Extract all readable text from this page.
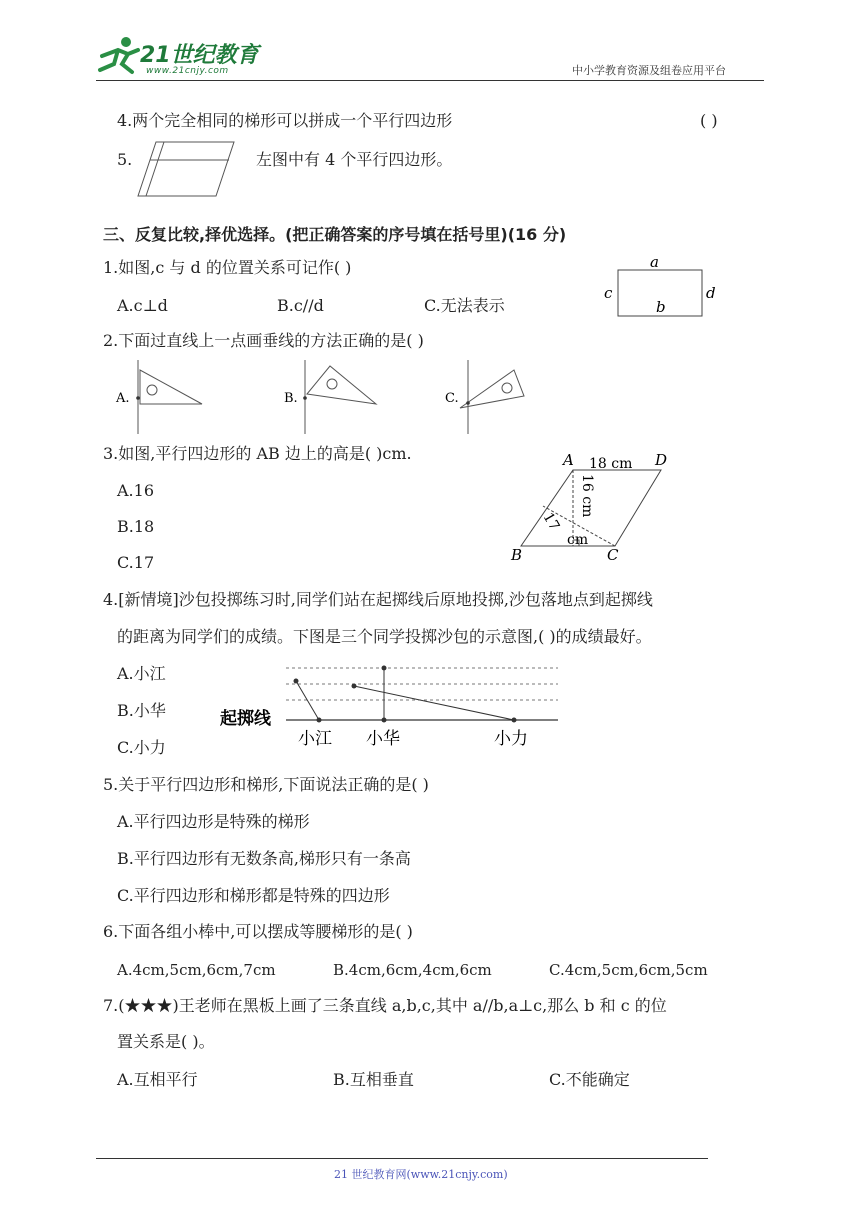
21世纪教育
www.21cnjy.com	中小学教育资源及组卷应用平台
4.两个完全相同的梯形可以拼成一个平行四边形	( )
5.	左图中有 4 个平行四边形。
三、反复比较,择优选择。(把正确答案的序号填在括号里)(16 分)
1.如图,c 与 d 的位置关系可记作( )
A.c⊥d	B.c//d	C.无法表示
a
b
c	d
2.下面过直线上一点画垂线的方法正确的是( )
A.	B.	C.
3.如图,平行四边形的 AB 边上的高是( )cm.
A.16
B.18
C.17
A	D
B	C
18 cm
16 cm
17
cm
4.[新情境]沙包投掷练习时,同学们站在起掷线后原地投掷,沙包落地点到起掷线
的距离为同学们的成绩。下图是三个同学投掷沙包的示意图,( )的成绩最好。
A.小江
B.小华
C.小力
起掷线
小江 小华	小力
5.关于平行四边形和梯形,下面说法正确的是( )
A.平行四边形是特殊的梯形
B.平行四边形有无数条高,梯形只有一条高
C.平行四边形和梯形都是特殊的四边形
6.下面各组小棒中,可以摆成等腰梯形的是( )
A.4cm,5cm,6cm,7cm	B.4cm,6cm,4cm,6cm	C.4cm,5cm,6cm,5cm
7.(★★★)王老师在黑板上画了三条直线 a,b,c,其中 a//b,a⊥c,那么 b 和 c 的位
置关系是( )。
A.互相平行	B.互相垂直	C.不能确定
21 世纪教育网(www.21cnjy.com)
